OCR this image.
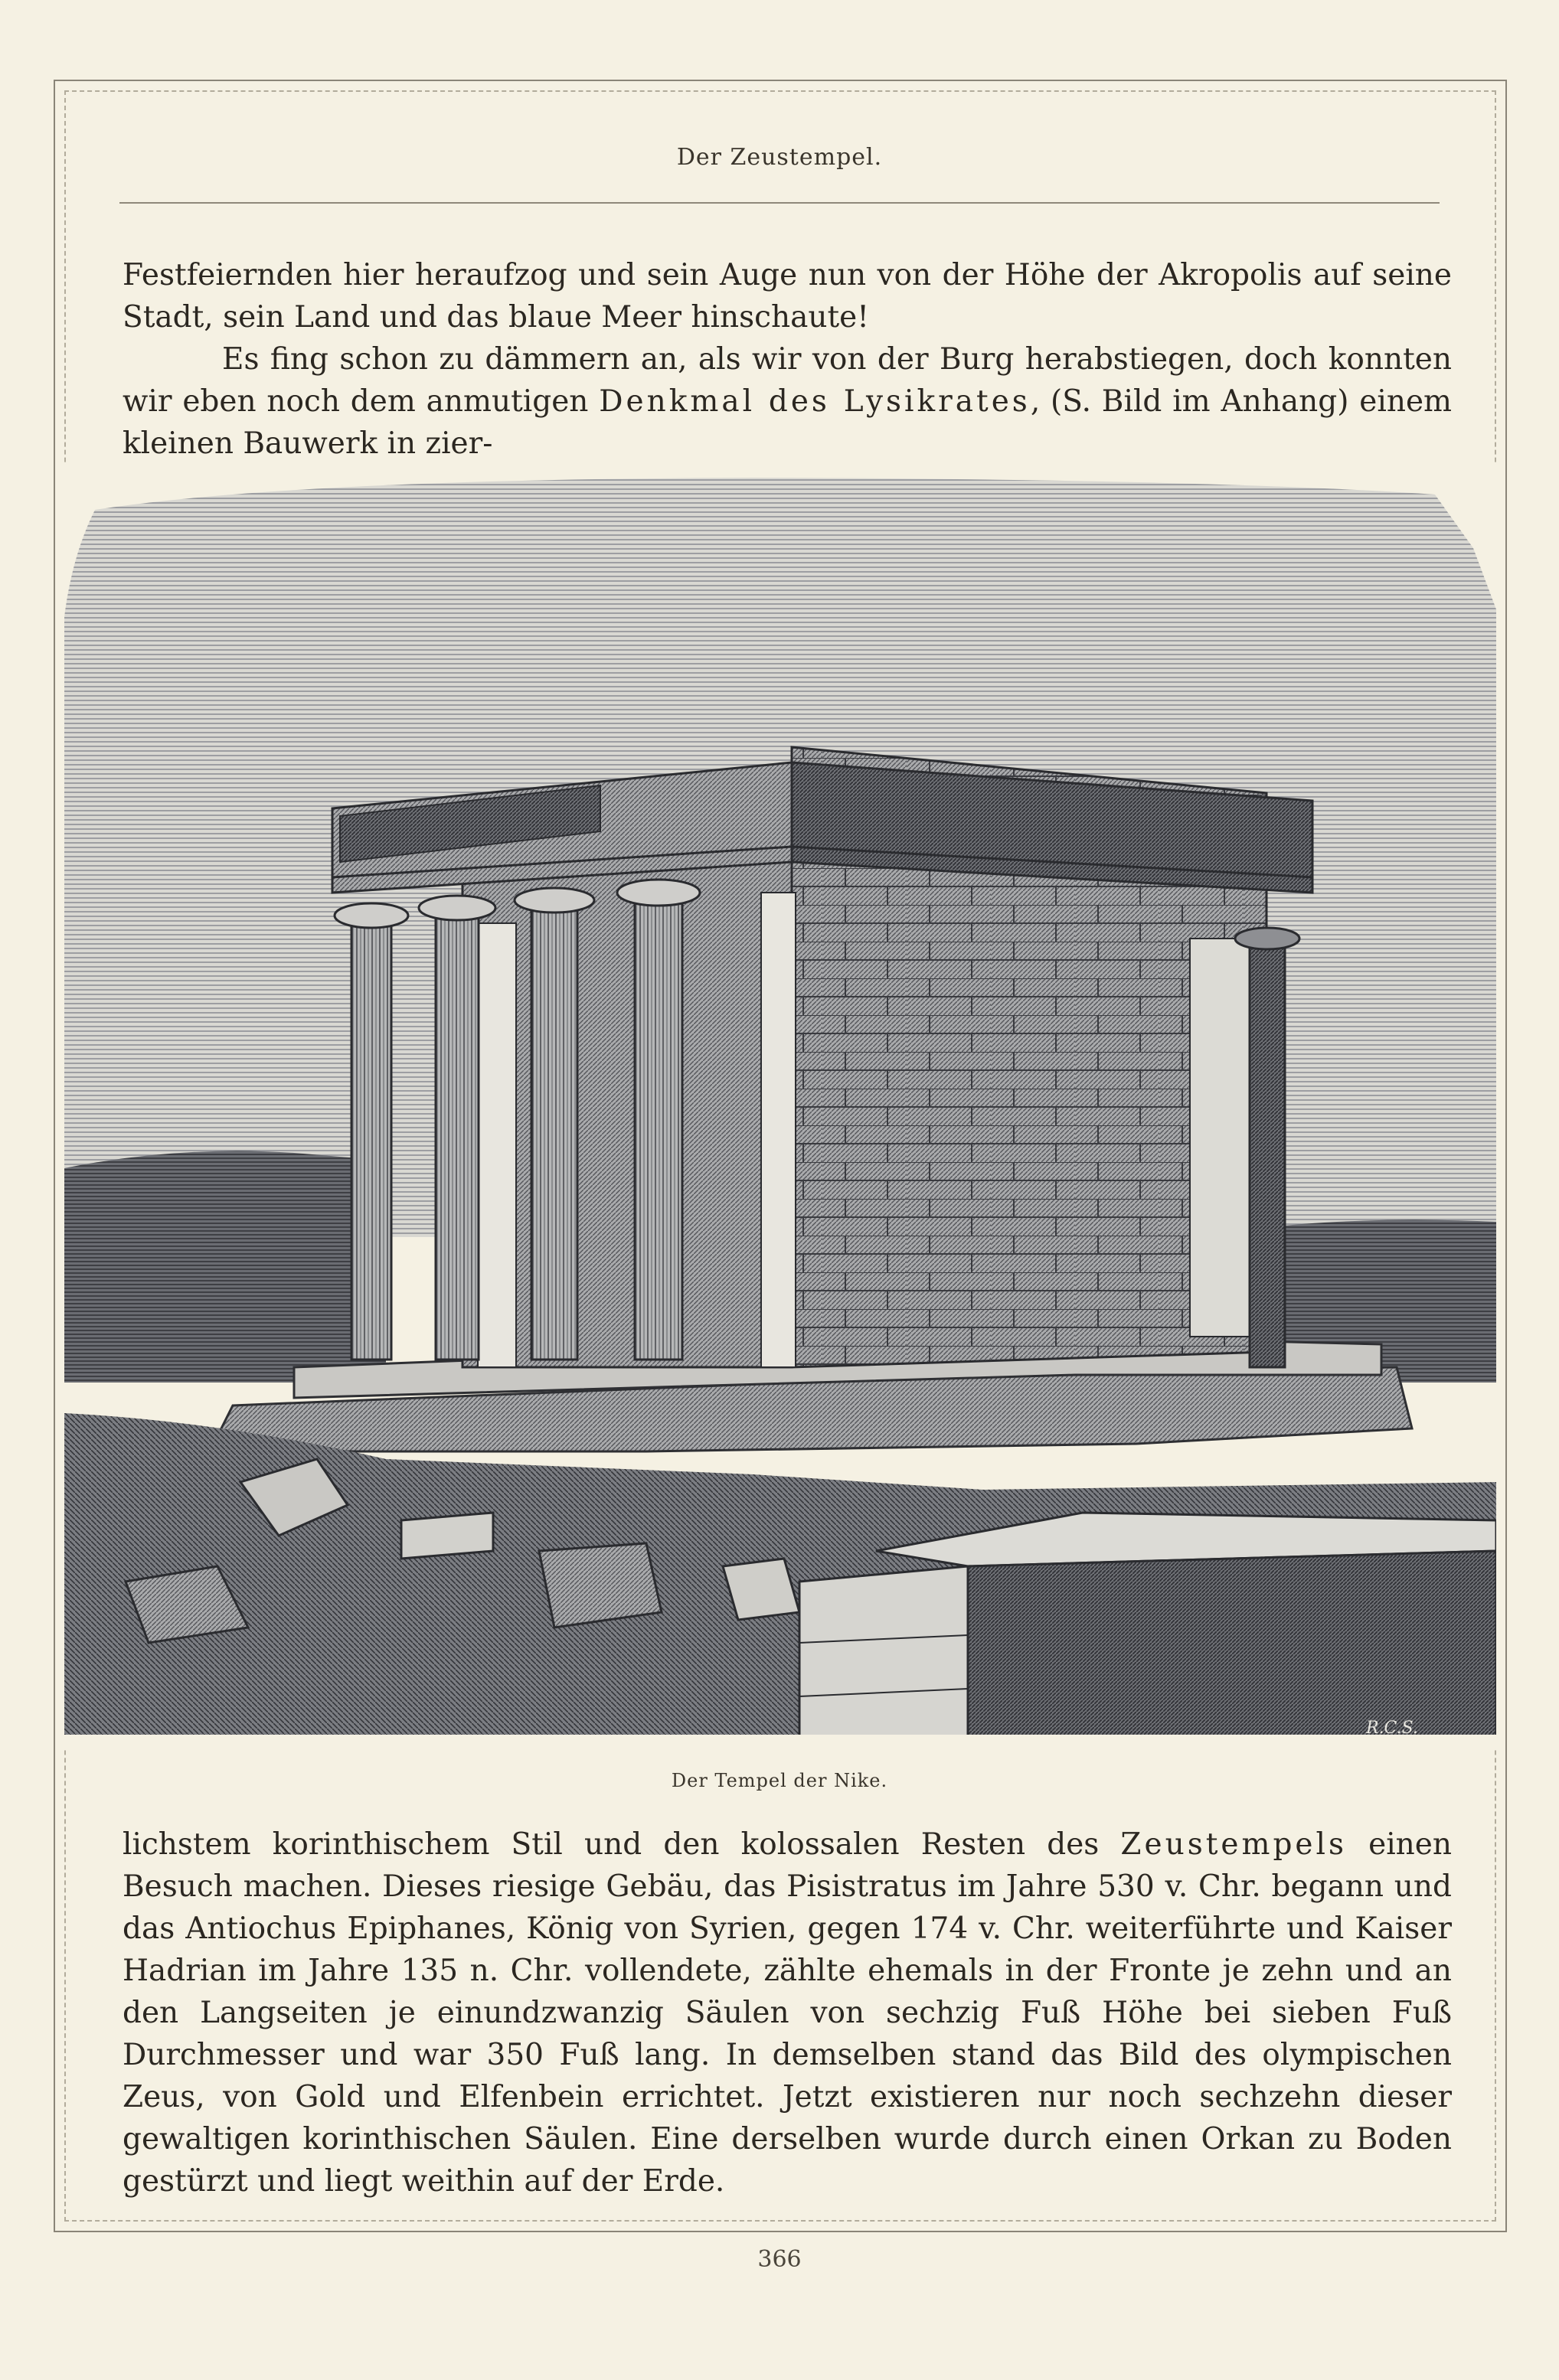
Der Zeustempel.

Festfeiernden hier heraufzog und sein Auge nun von der Höhe der Akropolis auf seine Stadt, sein Land und das blaue Meer hinschaute!

Es fing schon zu dämmern an, als wir von der Burg herabstiegen, doch konnten wir eben noch dem anmutigen Denkmal des Lysikrates, (S. Bild im Anhang) einem kleinen Bauwerk in zier-

R.C.S.
Der Tempel der Nike.

lichstem korinthischem Stil und den kolossalen Resten des Zeustempels einen Besuch machen. Dieses riesige Gebäu, das Pisistratus im Jahre 530 v. Chr. begann und das Antiochus Epiphanes, König von Syrien, gegen 174 v. Chr. weiterführte und Kaiser Hadrian im Jahre 135 n. Chr. vollendete, zählte ehemals in der Fronte je zehn und an den Langseiten je einundzwanzig Säulen von sechzig Fuß Höhe bei sieben Fuß Durchmesser und war 350 Fuß lang. In demselben stand das Bild des olympischen Zeus, von Gold und Elfenbein errichtet. Jetzt existieren nur noch sechzehn dieser gewaltigen korinthischen Säulen. Eine derselben wurde durch einen Orkan zu Boden gestürzt und liegt weithin auf der Erde.

366
